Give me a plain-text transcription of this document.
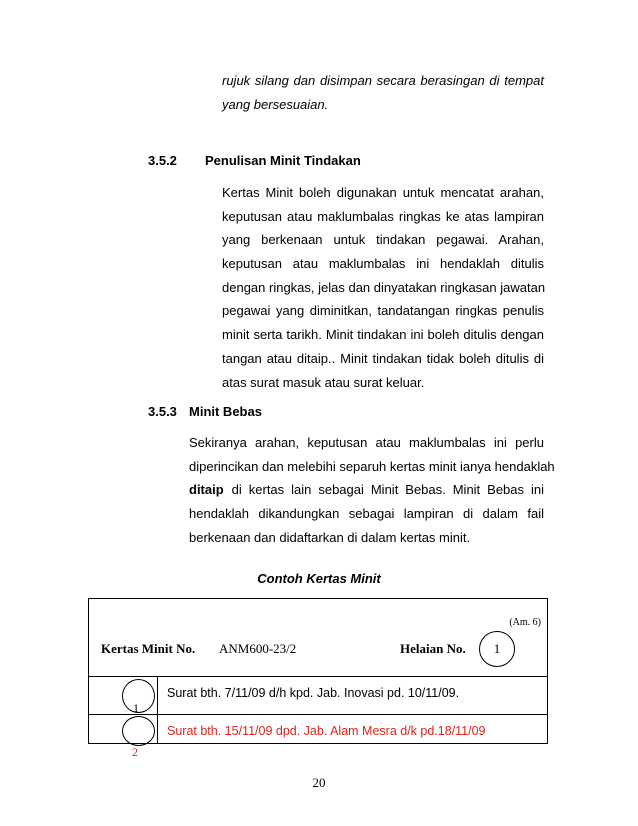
rujuk silang dan disimpan secara berasingan di tempat
yang bersesuaian.
3.5.2 Penulisan Minit Tindakan
Kertas Minit boleh digunakan untuk mencatat arahan,
keputusan atau maklumbalas ringkas ke atas lampiran
yang berkenaan untuk tindakan pegawai. Arahan,
keputusan atau maklumbalas ini hendaklah ditulis
dengan ringkas, jelas dan dinyatakan ringkasan jawatan
pegawai yang diminitkan, tandatangan ringkas penulis
minit serta tarikh. Minit tindakan ini boleh ditulis dengan
tangan atau ditaip.. Minit tindakan tidak boleh ditulis di
atas surat masuk atau surat keluar.
3.5.3 Minit Bebas
Sekiranya arahan, keputusan atau maklumbalas ini perlu
diperincikan dan melebihi separuh kertas minit ianya hendaklah
ditaip di kertas lain sebagai Minit Bebas. Minit Bebas ini
hendaklah dikandungkan sebagai lampiran di dalam fail
berkenaan dan didaftarkan di dalam kertas minit.
Contoh Kertas Minit
(Am. 6)
Kertas Minit No. ANM600-23/2	Helaian No.	1
1
Surat bth. 7/11/09 d/h kpd. Jab. Inovasi pd. 10/11/09.
Surat bth. 15/11/09 dpd. Jab. Alam Mesra d/k pd.18/11/09
2
20
